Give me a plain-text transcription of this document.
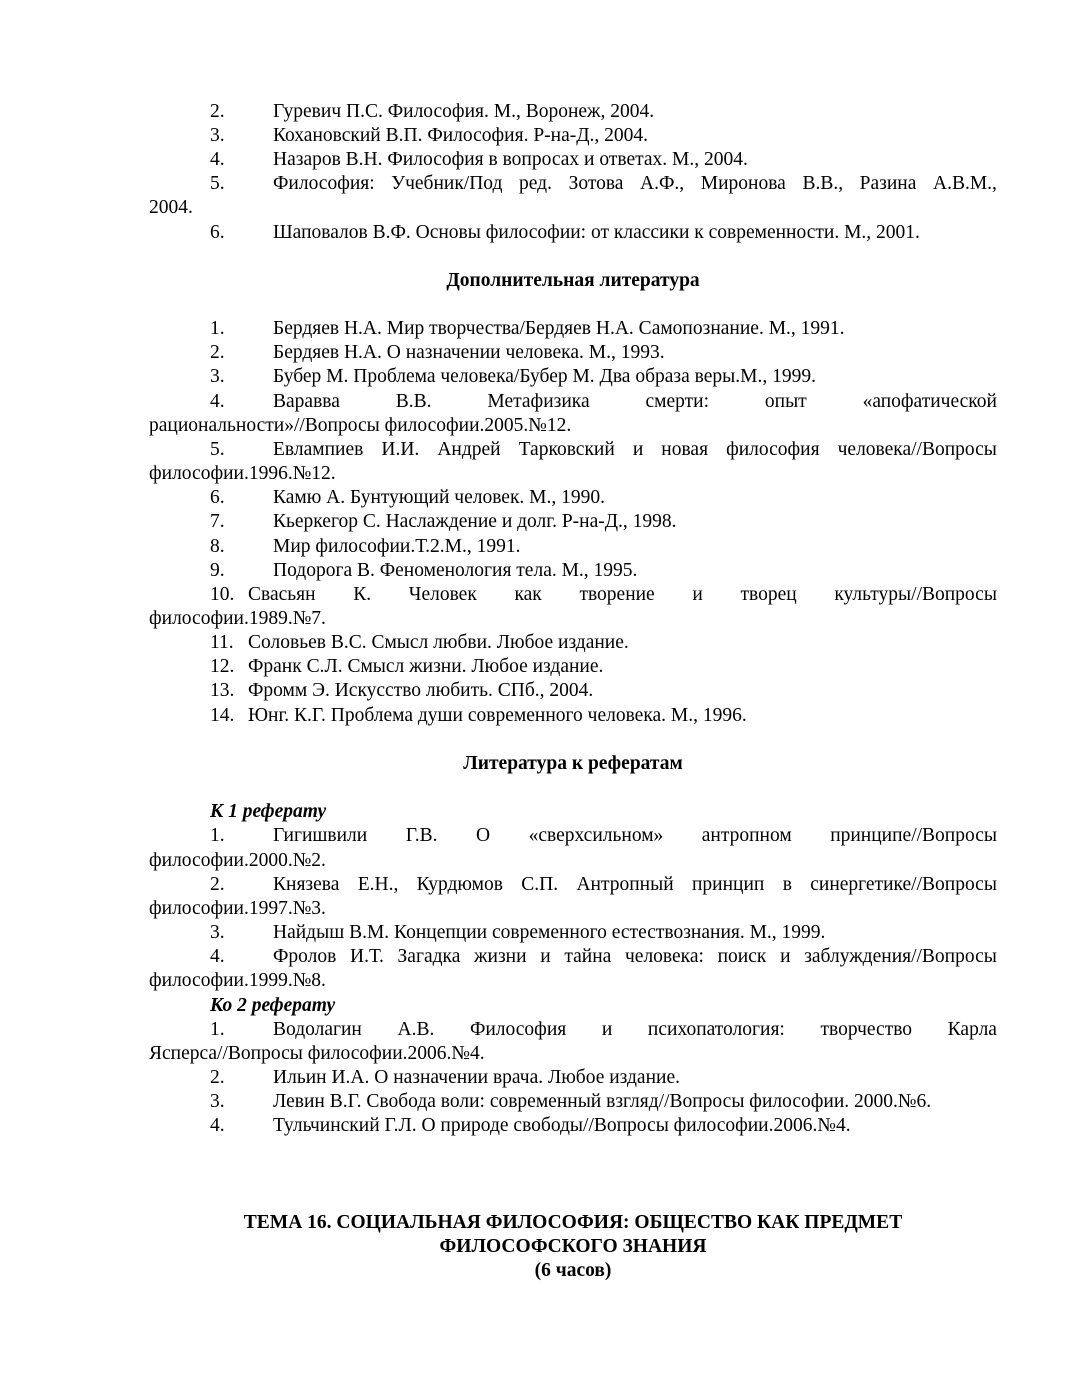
2. Гуревич П.С. Философия. М., Воронеж, 2004.
3. Кохановский В.П. Философия. Р-на-Д., 2004.
4. Назаров В.Н. Философия в вопросах и ответах. М., 2004.
5. Философия: Учебник/Под ред. Зотова А.Ф., Миронова В.В., Разина А.В.М.,
2004.
6. Шаповалов В.Ф. Основы философии: от классики к современности. М., 2001.
Дополнительная литература
1. Бердяев Н.А. Мир творчества/Бердяев Н.А. Самопознание. М., 1991.
2. Бердяев Н.А. О назначении человека. М., 1993.
3. Бубер М. Проблема человека/Бубер М. Два образа веры.М., 1999.
4. Варавва	В.В.	Метафизика	смерти:	опыт	«апофатической
рациональности»//Вопросы философии.2005.№12.
5. Евлампиев И.И. Андрей Тарковский и новая философия человека//Вопросы
философии.1996.№12.
6. Камю А. Бунтующий человек. М., 1990.
7. Кьеркегор С. Наслаждение и долг. Р-на-Д., 1998.
8. Мир философии.Т.2.М., 1991.
9. Подорога В. Феноменология тела. М., 1995.
10. Свасьян К. Человек как творение и творец культуры//Вопросы
философии.1989.№7.
11. Соловьев В.С. Смысл любви. Любое издание.
12. Франк С.Л. Смысл жизни. Любое издание.
13. Фромм Э. Искусство любить. СПб., 2004.
14. Юнг. К.Г. Проблема души современного человека. М., 1996.
Литература к рефератам
К 1 реферату
1. Гигишвили Г.В. О «сверхсильном» антропном принципе//Вопросы
философии.2000.№2.
2. Князева Е.Н., Курдюмов С.П. Антропный принцип в синергетике//Вопросы
философии.1997.№3.
3. Найдыш В.М. Концепции современного естествознания. М., 1999.
4. Фролов И.Т. Загадка жизни и тайна человека: поиск и заблуждения//Вопросы
философии.1999.№8.
Ко 2 реферату
1. Водолагин А.В. Философия и психопатология: творчество Карла
Ясперса//Вопросы философии.2006.№4.
2. Ильин И.А. О назначении врача. Любое издание.
3. Левин В.Г. Свобода воли: современный взгляд//Вопросы философии. 2000.№6.
4. Тульчинский Г.Л. О природе свободы//Вопросы философии.2006.№4.
ТЕМА 16. СОЦИАЛЬНАЯ ФИЛОСОФИЯ: ОБЩЕСТВО КАК ПРЕДМЕТ
ФИЛОСОФСКОГО ЗНАНИЯ
(6 часов)
